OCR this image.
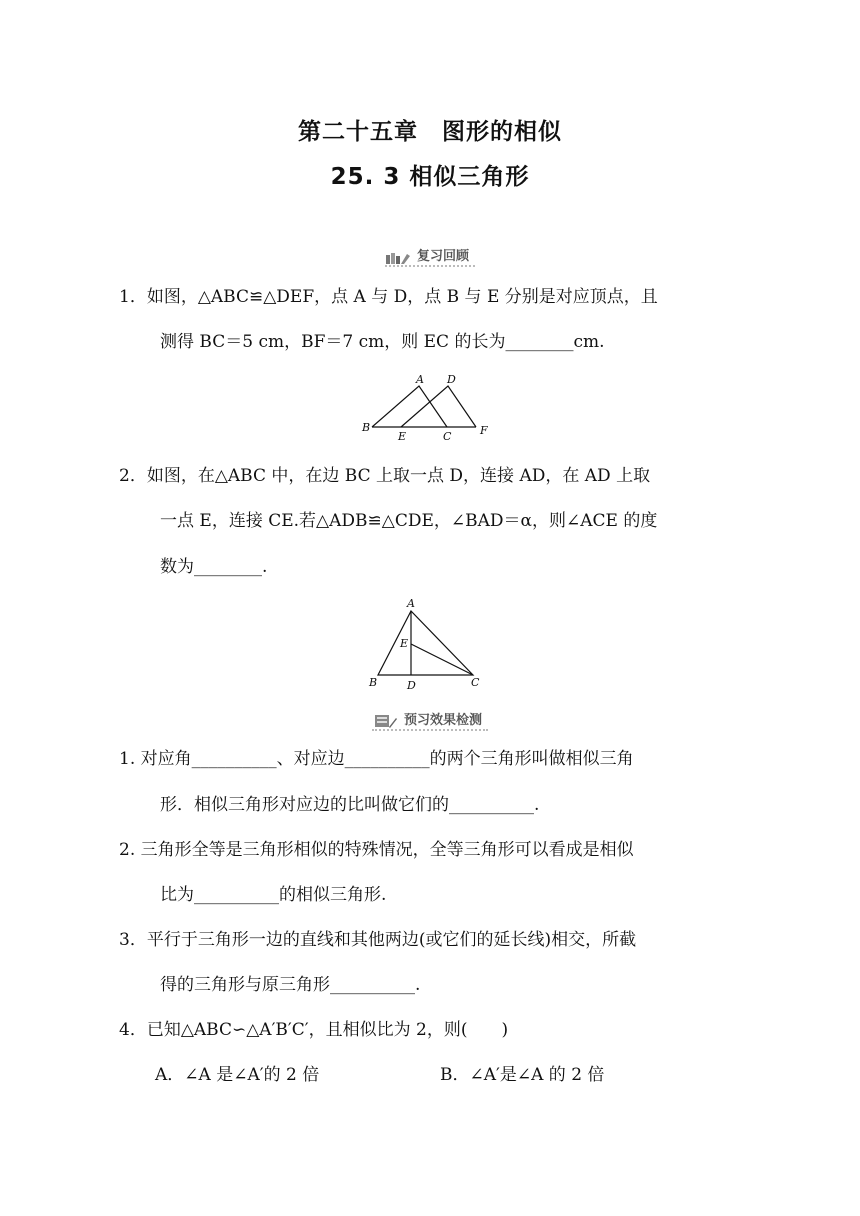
第二十五章　图形的相似
25. 3 相似三角形
复习回顾
1．如图，△ABC≌△DEF，点 A 与 D，点 B 与 E 分别是对应顶点，且
测得 BC＝5 cm，BF＝7 cm，则 EC 的长为________cm.
A D
B
E	C	F
2．如图，在△ABC 中，在边 BC 上取一点 D，连接 AD，在 AD 上取
一点 E，连接 CE.若△ADB≌△CDE，∠BAD＝α，则∠ACE 的度
数为________.
A
E
B	D	C
预习效果检测
1. 对应角__________、对应边__________的两个三角形叫做相似三角
形．相似三角形对应边的比叫做它们的__________.
2. 三角形全等是三角形相似的特殊情况，全等三角形可以看成是相似
比为__________的相似三角形.
3．平行于三角形一边的直线和其他两边(或它们的延长线)相交，所截
得的三角形与原三角形__________.
4．已知△ABC∽△A′B′C′，且相似比为 2，则(　　)
A．∠A 是∠A′的 2 倍	B．∠A′是∠A 的 2 倍
